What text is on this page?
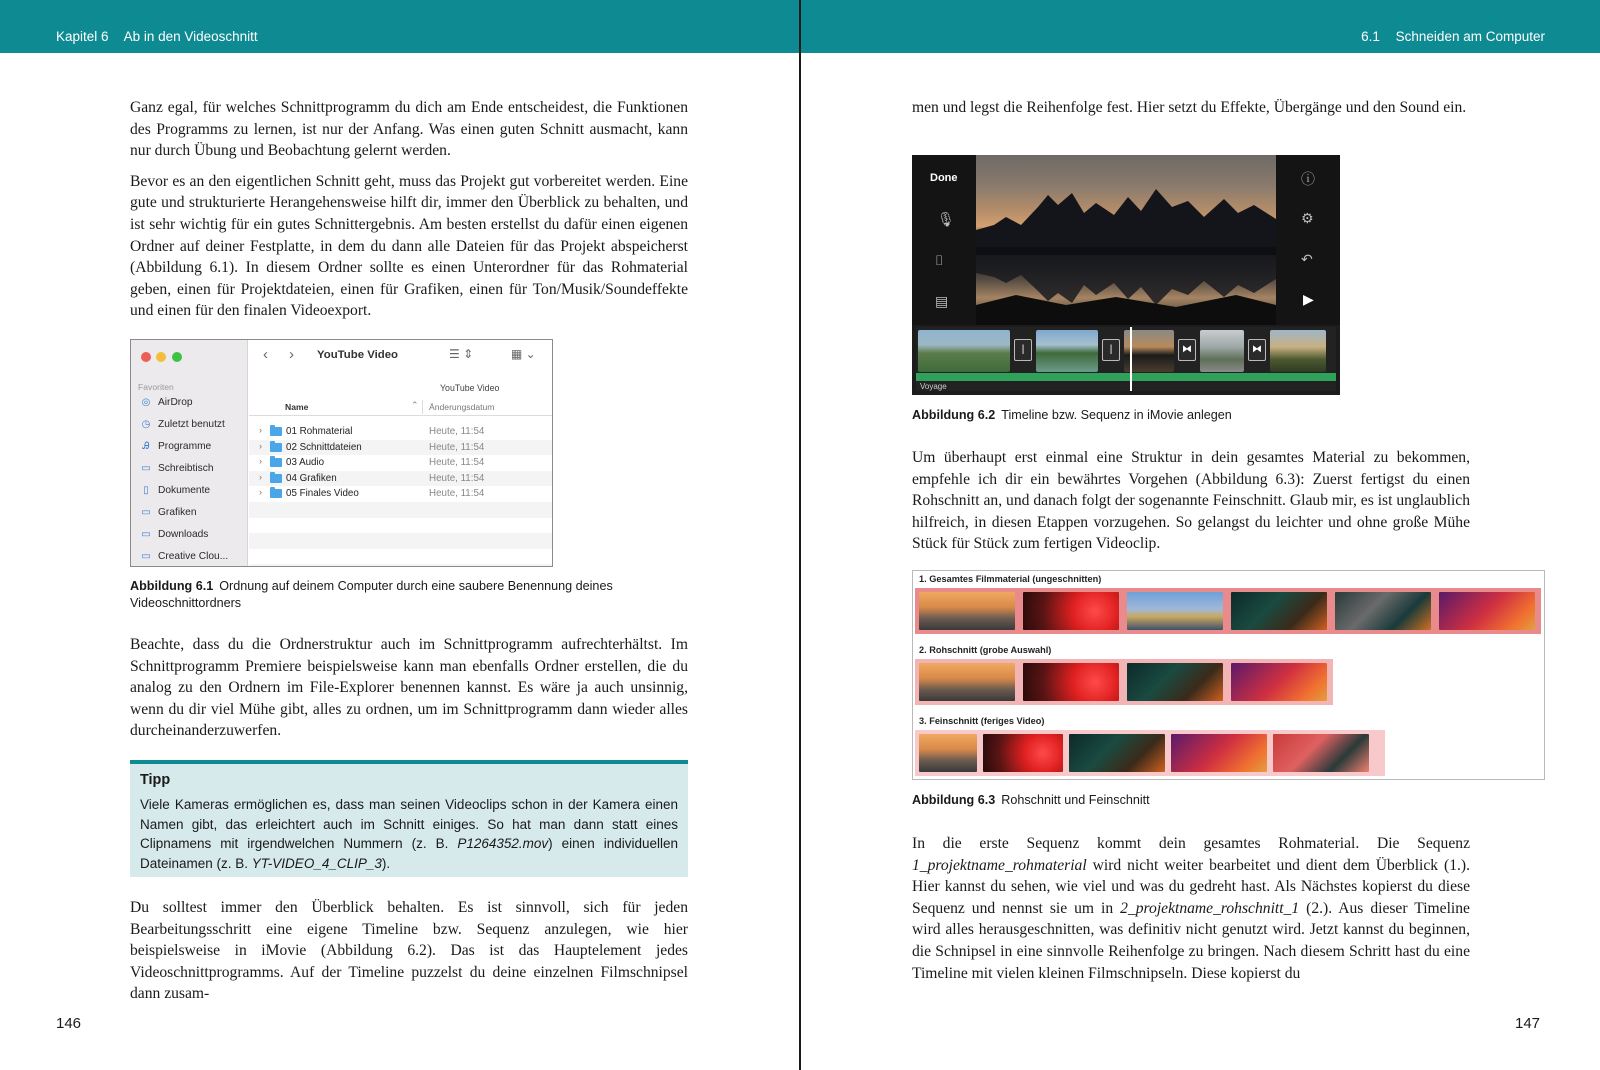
Kapitel 6 Ab in den Videoschnitt

Ganz egal, für welches Schnittprogramm du dich am Ende entscheidest, die Funktionen des Programms zu lernen, ist nur der Anfang. Was einen guten Schnitt ausmacht, kann nur durch Übung und Beobachtung gelernt werden.

Bevor es an den eigentlichen Schnitt geht, muss das Projekt gut vorbereitet werden. Eine gute und strukturierte Herangehensweise hilft dir, immer den Überblick zu behalten, und ist sehr wichtig für ein gutes Schnittergebnis. Am besten erstellst du dafür einen eigenen Ordner auf deiner Festplatte, in dem du dann alle Dateien für das Projekt abspeicherst (Abbildung 6.1). In diesem Ordner sollte es einen Unterordner für das Rohmaterial geben, einen für Projektdateien, einen für Grafiken, einen für Ton/Musik/Soundeffekte und einen für den finalen Videoexport.

Favoriten
◎ AirDrop
◷ Zuletzt benutzt
Ꭿ Programme
▭ Schreibtisch
▯ Dokumente
▭ Grafiken
▭ Downloads
▭ Creative Clou...
‹ › YouTube Video	☰ ⇕	▦ ⌄
YouTube Video
Name	⌃ Änderungsdatum
› 01 Rohmaterial	Heute, 11:54
› 02 Schnittdateien	Heute, 11:54
› 03 Audio	Heute, 11:54
› 04 Grafiken	Heute, 11:54
› 05 Finales Video	Heute, 11:54
Abbildung 6.1 Ordnung auf deinem Computer durch eine saubere Benennung deines Videoschnittordners

Beachte, dass du die Ordnerstruktur auch im Schnittprogramm aufrechterhältst. Im Schnittprogramm Premiere beispielsweise kann man ebenfalls Ordner erstellen, die du analog zu den Ordnern im File-Explorer benennen kannst. Es wäre ja auch unsinnig, wenn du dir viel Mühe gibt, alles zu ordnen, um im Schnittprogramm dann wieder alles durcheinanderzuwerfen.

Tipp
Viele Kameras ermöglichen es, dass man seinen Videoclips schon in der Kamera einen Namen gibt, das erleichtert auch im Schnitt einiges. So hat man dann statt eines Clipnamens mit irgendwelchen Nummern (z. B. P1264352.mov) einen individuellen Dateinamen (z. B. YT-VIDEO_4_CLIP_3).

Du solltest immer den Überblick behalten. Es ist sinnvoll, sich für jeden Bearbeitungsschritt eine eigene Timeline bzw. Sequenz anzulegen, wie hier beispielsweise in iMovie (Abbildung 6.2). Das ist das Hauptelement jedes Videoschnittprogramms. Auf der Timeline puzzelst du deine einzelnen Filmschnipsel dann zusam-

146
6.1 Schneiden am Computer

men und legst die Reihenfolge fest. Hier setzt du Effekte, Übergänge und den Sound ein.

Done
🎙︎
⌷
▤
ⓘ
⚙
↶
▶
|	|	⧓	⧓
Voyage
Abbildung 6.2 Timeline bzw. Sequenz in iMovie anlegen

Um überhaupt erst einmal eine Struktur in dein gesamtes Material zu bekommen, empfehle ich dir ein bewährtes Vorgehen (Abbildung 6.3): Zuerst fertigst du einen Rohschnitt an, und danach folgt der sogenannte Feinschnitt. Glaub mir, es ist unglaublich hilfreich, in diesen Etappen vorzugehen. So gelangst du leichter und ohne große Mühe Stück für Stück zum fertigen Videoclip.

1. Gesamtes Filmmaterial (ungeschnitten)
2. Rohschnitt (grobe Auswahl)
3. Feinschnitt (feriges Video)
Abbildung 6.3 Rohschnitt und Feinschnitt

In die erste Sequenz kommt dein gesamtes Rohmaterial. Die Sequenz 1_projektname_rohmaterial wird nicht weiter bearbeitet und dient dem Überblick (1.). Hier kannst du sehen, wie viel und was du gedreht hast. Als Nächstes kopierst du diese Sequenz und nennst sie um in 2_projektname_rohschnitt_1 (2.). Aus dieser Timeline wird alles herausgeschnitten, was definitiv nicht genutzt wird. Jetzt kannst du beginnen, die Schnipsel in eine sinnvolle Reihenfolge zu bringen. Nach diesem Schritt hast du eine Timeline mit vielen kleinen Filmschnipseln. Diese kopierst du

147
